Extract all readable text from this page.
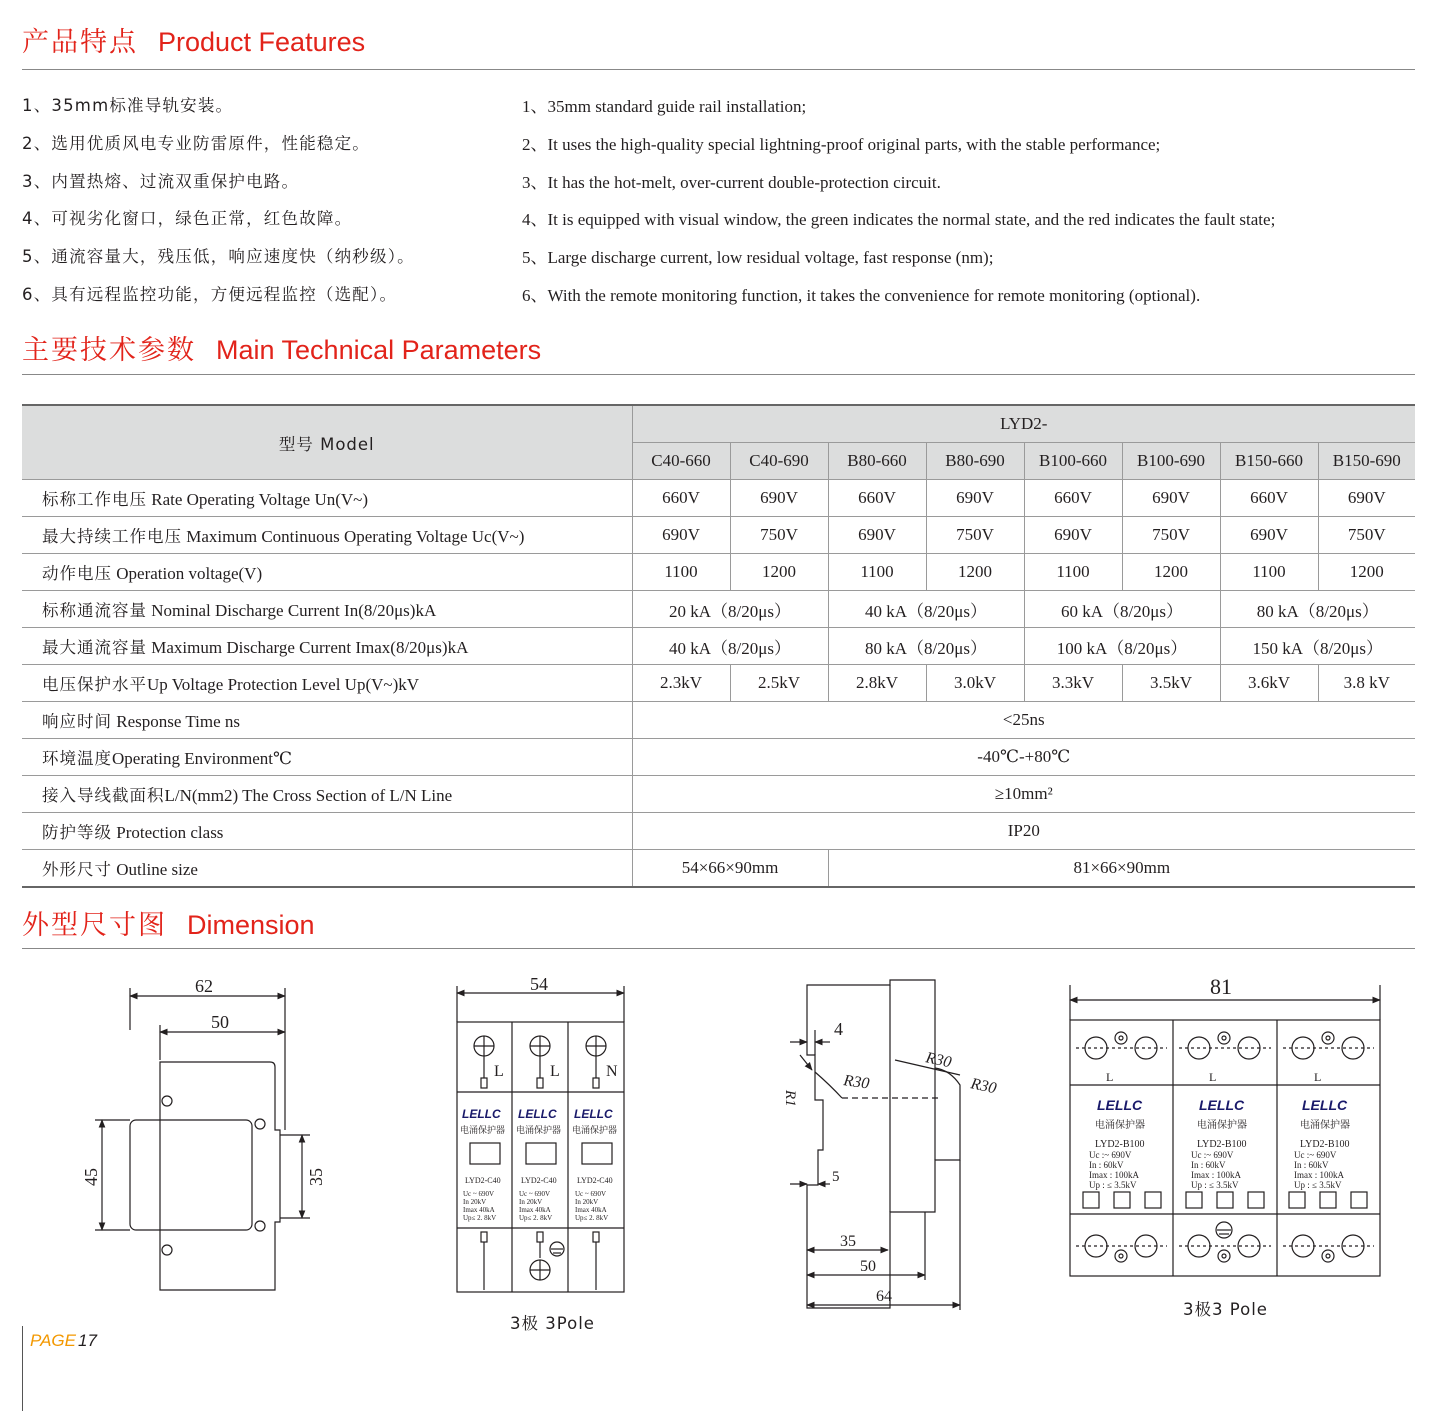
产品特点 Product Features
1、35mm标准导轨安装。
2、选用优质风电专业防雷原件，性能稳定。
3、内置热熔、过流双重保护电路。
4、可视劣化窗口，绿色正常，红色故障。
5、通流容量大，残压低，响应速度快（纳秒级）。
6、具有远程监控功能，方便远程监控（选配）。
1、35mm standard guide rail installation;
2、It uses the high-quality special lightning-proof original parts, with the stable performance;
3、It has the hot-melt, over-current double-protection circuit.
4、It is equipped with visual window, the green indicates the normal state, and the red indicates the fault state;
5、Large discharge current, low residual voltage, fast response (nm);
6、With the remote monitoring function, it takes the convenience for remote monitoring (optional).
主要技术参数 Main Technical Parameters
型号 Model	LYD2-							
	C40-660	C40-690	B80-660	B80-690	B100-660	B100-690	B150-660	B150-690
标称工作电压 Rate Operating Voltage Un(V~)	660V	690V	660V	690V	660V	690V	660V	690V
最大持续工作电压 Maximum Continuous Operating Voltage Uc(V~)	690V	750V	690V	750V	690V	750V	690V	750V
动作电压 Operation voltage(V)	1100	1200	1100	1200	1100	1200	1100	1200
标称通流容量 Nominal Discharge Current In(8/20μs)kA	20 kA（8/20μs）		40 kA（8/20μs）		60 kA（8/20μs）		80 kA（8/20μs）	
最大通流容量 Maximum Discharge Current Imax(8/20μs)kA	40 kA（8/20μs）		80 kA（8/20μs）		100 kA（8/20μs）		150 kA（8/20μs）	
电压保护水平Up Voltage Protection Level Up(V~)kV	2.3kV	2.5kV	2.8kV	3.0kV	3.3kV	3.5kV	3.6kV	3.8 kV
响应时间 Response Time ns	<25ns							
环境温度Operating Environment℃	-40℃-+80℃							
接入导线截面积L/N(mm2) The Cross Section of L/N Line	≥10mm²							
防护等级 Protection class	IP20							
外形尺寸 Outline size	54×66×90mm		81×66×90mm					
外型尺寸图 Dimension
62
50
45	35
54
L	L	N
LELLC
电涌保护器
LYD2-C40
Uc ~ 690V
In 20kV
Imax 40kA
Up≤ 2. 8kV
LELLC
电涌保护器
LYD2-C40
Uc ~ 690V
In 20kV
Imax 40kA
Up≤ 2. 8kV
LELLC
电涌保护器
LYD2-C40
Uc ~ 690V
In 20kV
Imax 40kA
Up≤ 2. 8kV
4
R1
R30
R30
R30
5
35
50
64
81
L
LELLC
电涌保护器
LYD2-B100
Uc :~ 690V
In : 60kV
Imax : 100kA
Up : ≤ 3.5kV
L
LELLC
电涌保护器
LYD2-B100
Uc :~ 690V
In : 60kV
Imax : 100kA
Up : ≤ 3.5kV
L
LELLC
电涌保护器
LYD2-B100
Uc :~ 690V
In : 60kV
Imax : 100kA
Up : ≤ 3.5kV
3极 3Pole
3极3 Pole
PAGE 17
